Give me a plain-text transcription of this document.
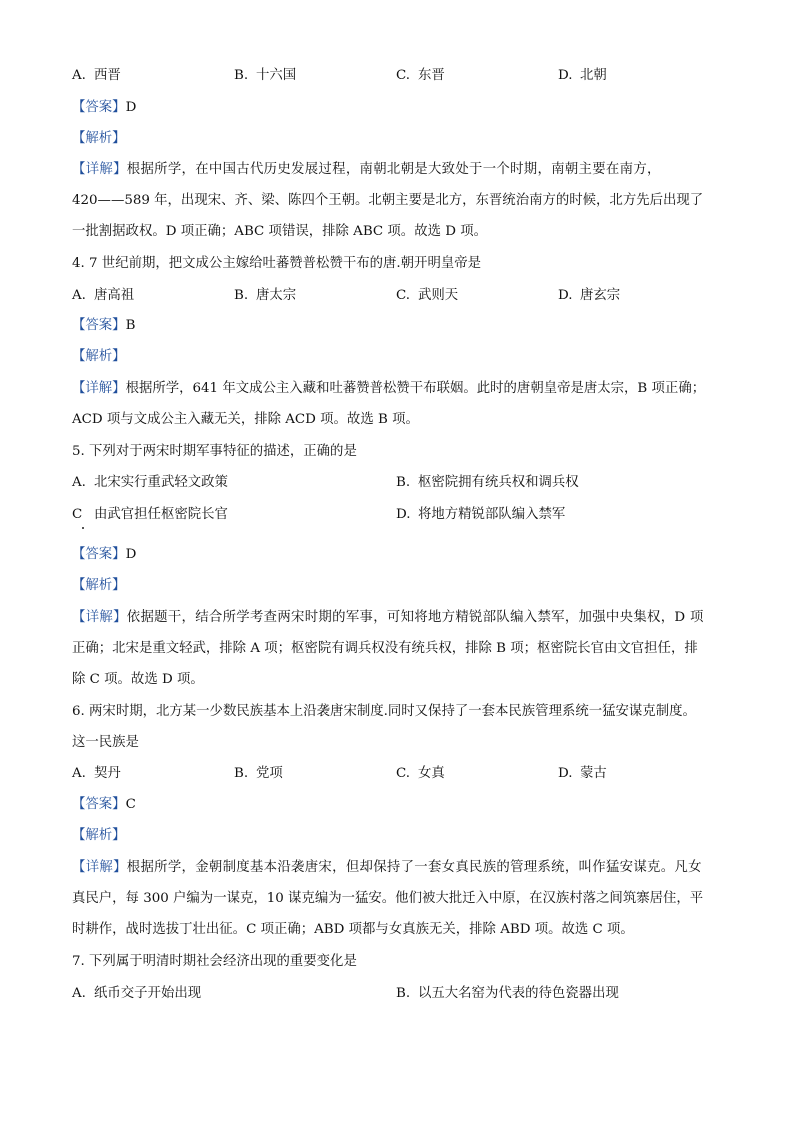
A. 西晋	B. 十六国	C. 东晋	D. 北朝
【答案】D
【解析】
【详解】根据所学，在中国古代历史发展过程，南朝北朝是大致处于一个时期，南朝主要在南方，
420——589 年，出现宋、齐、梁、陈四个王朝。北朝主要是北方，东晋统治南方的时候，北方先后出现了
一批割据政权。D 项正确；ABC 项错误，排除 ABC 项。故选 D 项。
4. 7 世纪前期，把文成公主嫁给吐蕃赞普松赞干布的唐.朝开明皇帝是
A. 唐高祖	B. 唐太宗	C. 武则天	D. 唐玄宗
【答案】B
【解析】
【详解】根据所学，641 年文成公主入藏和吐蕃赞普松赞干布联姻。此时的唐朝皇帝是唐太宗，B 项正确；
ACD 项与文成公主入藏无关，排除 ACD 项。故选 B 项。
5. 下列对于两宋时期军事特征的描述，正确的是
A. 北宋实行重武轻文政策	B. 枢密院拥有统兵权和调兵权
C 由武官担任枢密院长官	D. 将地方精锐部队编入禁军
【答案】D
【解析】
【详解】依据题干，结合所学考查两宋时期的军事，可知将地方精锐部队编入禁军，加强中央集权，D 项
正确；北宋是重文轻武，排除 A 项；枢密院有调兵权没有统兵权，排除 B 项；枢密院长官由文官担任，排
除 C 项。故选 D 项。
6. 两宋时期，北方某一少数民族基本上沿袭唐宋制度.同时又保持了一套本民族管理系统一猛安谋克制度。
这一民族是
A. 契丹	B. 党项	C. 女真	D. 蒙古
【答案】C
【解析】
【详解】根据所学，金朝制度基本沿袭唐宋，但却保持了一套女真民族的管理系统，叫作猛安谋克。凡女
真民户，每 300 户编为一谋克，10 谋克编为一猛安。他们被大批迁入中原，在汉族村落之间筑寨居住，平
时耕作，战时选拔丁壮出征。C 项正确；ABD 项都与女真族无关，排除 ABD 项。故选 C 项。
7. 下列属于明清时期社会经济出现的重要变化是
A. 纸币交子开始出现	B. 以五大名窑为代表的待色瓷器出现
